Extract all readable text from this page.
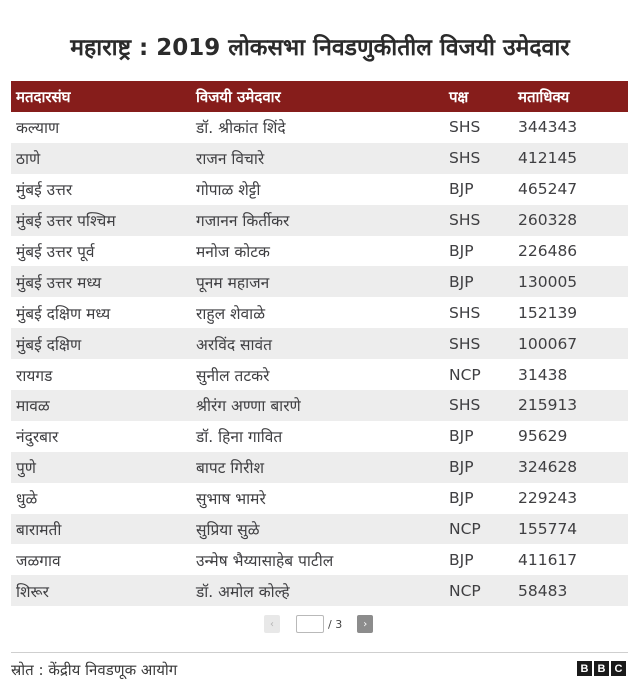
महाराष्ट्र : 2019 लोकसभा निवडणुकीतील विजयी उमेदवार
मतदारसंघ	विजयी उमेदवार	पक्ष	मताधिक्य
कल्याण	डॉ. श्रीकांत शिंदे	SHS	344343
ठाणे	राजन विचारे	SHS	412145
मुंबई उत्तर	गोपाळ शेट्टी	BJP	465247
मुंबई उत्तर पश्चिम	गजानन किर्तीकर	SHS	260328
मुंबई उत्तर पूर्व	मनोज कोटक	BJP	226486
मुंबई उत्तर मध्य	पूनम महाजन	BJP	130005
मुंबई दक्षिण मध्य	राहुल शेवाळे	SHS	152139
मुंबई दक्षिण	अरविंद सावंत	SHS	100067
रायगड	सुनील तटकरे	NCP	31438
मावळ	श्रीरंग अण्णा बारणे	SHS	215913
नंदुरबार	डॉ. हिना गावित	BJP	95629
पुणे	बापट गिरीश	BJP	324628
धुळे	सुभाष भामरे	BJP	229243
बारामती	सुप्रिया सुळे	NCP	155774
जळगाव	उन्मेष भैय्यासाहेब पाटील	BJP	411617
शिरूर	डॉ. अमोल कोल्हे	NCP	58483
‹	/ 3 ›
स्रोत : केंद्रीय निवडणूक आयोग	B B C
